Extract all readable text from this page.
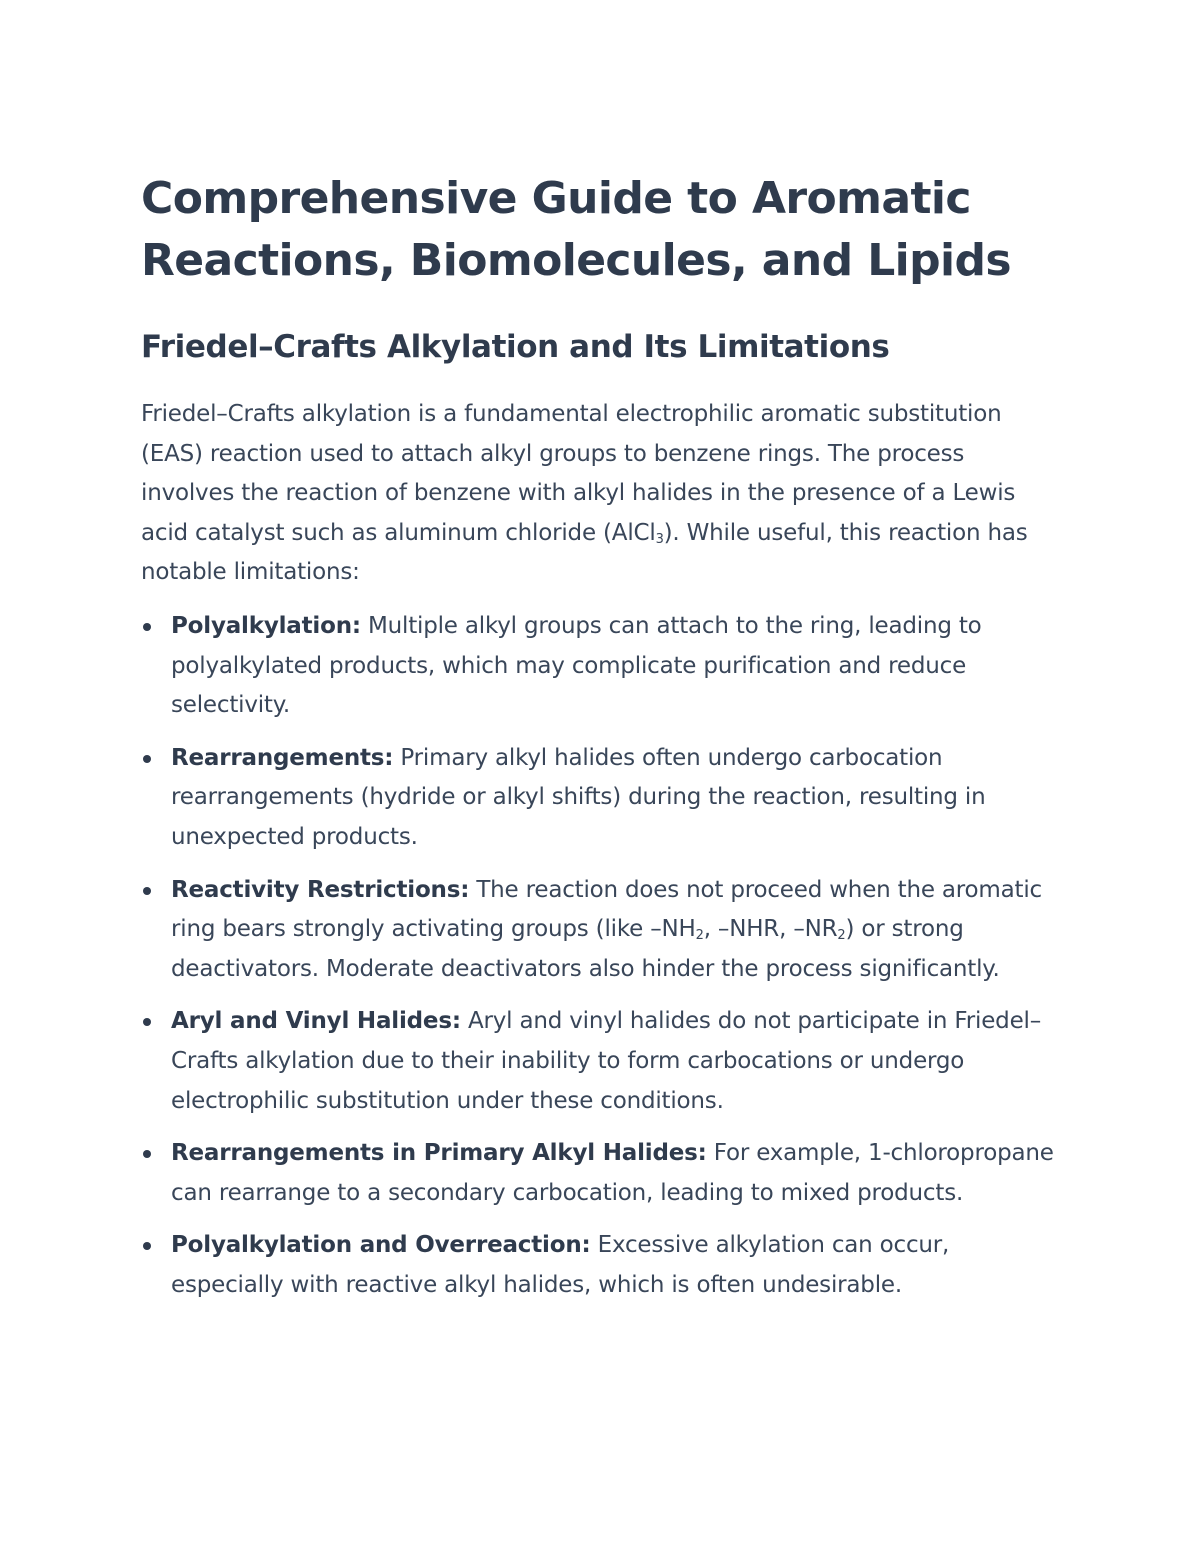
Comprehensive Guide to Aromatic
Reactions, Biomolecules, and Lipids
Friedel–Crafts Alkylation and Its Limitations

Friedel–Crafts alkylation is a fundamental electrophilic aromatic substitution (EAS) reaction used to attach alkyl groups to benzene rings. The process involves the reaction of benzene with alkyl halides in the presence of a Lewis acid catalyst such as aluminum chloride (AlCl$_3$). While useful, this reaction has notable limitations:

Polyalkylation: Multiple alkyl groups can attach to the ring, leading to polyalkylated products, which may complicate purification and reduce selectivity.
Rearrangements: Primary alkyl halides often undergo carbocation rearrangements (hydride or alkyl shifts) during the reaction, resulting in unexpected products.
Reactivity Restrictions: The reaction does not proceed when the aromatic ring bears strongly activating groups (like $-NH_2$, –NHR, $-NR_2$) or strong deactivators. Moderate deactivators also hinder the process significantly.
Aryl and Vinyl Halides: Aryl and vinyl halides do not participate in Friedel–Crafts alkylation due to their inability to form carbocations or undergo electrophilic substitution under these conditions.
Rearrangements in Primary Alkyl Halides: For example, 1-chloropropane can rearrange to a secondary carbocation, leading to mixed products.
Polyalkylation and Overreaction: Excessive alkylation can occur, especially with reactive alkyl halides, which is often undesirable.
